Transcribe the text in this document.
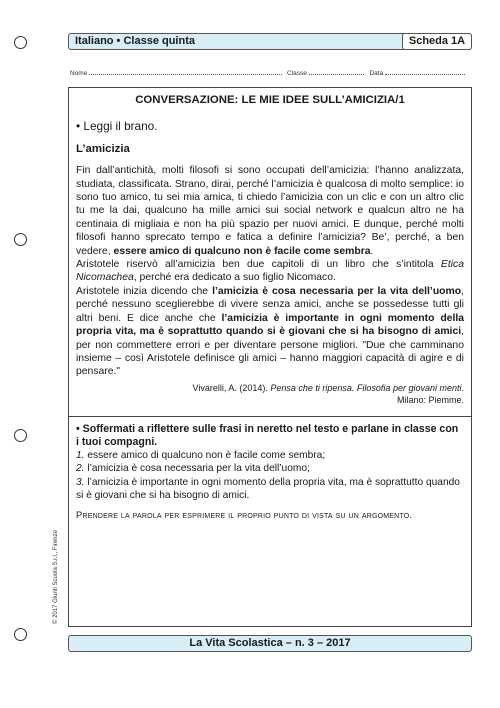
Italiano • Classe quinta	Scheda 1A
Nome	Classe	Data
CONVERSAZIONE: LE MIE IDEE SULL’AMICIZIA/1
• Leggi il brano.
L’amicizia
Fin dall’antichità, molti filosofi si sono occupati dell’amicizia: l’hanno analizzata, studiata, classificata. Strano, dirai, perché l’amicizia è qualcosa di molto semplice: io sono tuo amico, tu sei mia amica, ti chiedo l’amicizia con un clic e con un altro clic tu me la dai, qualcuno ha mille amici sui social network e qualcun altro ne ha centinaia di migliaia e non ha più spazio per nuovi amici. E dunque, perché molti filosofi hanno sprecato tempo e fatica a definire l’amicizia? Be’, perché, a ben vedere, essere amico di qualcuno non è facile come sembra.
Aristotele riservò all’amicizia ben due capitoli di un libro che s’intitola Etica Nicomachea, perché era dedicato a suo figlio Nicomaco.
Aristotele inizia dicendo che l’amicizia è cosa necessaria per la vita dell’uomo, perché nessuno sceglierebbe di vivere senza amici, anche se possedesse tutti gli altri beni. E dice anche che l’amicizia è importante in ogni momento della propria vita, ma è soprattutto quando si è giovani che si ha bisogno di amici, per non commettere errori e per diventare persone migliori. "Due che camminano insieme – così Aristotele definisce gli amici – hanno maggiori capacità di agire e di pensare."
Vivarelli, A. (2014). Pensa che ti ripensa. Filosofia per giovani menti.
Milano: Piemme.
• Soffermati a riflettere sulle frasi in neretto nel testo e parlane in classe con i tuoi compagni.
1. essere amico di qualcuno non è facile come sembra;
2. l’amicizia è cosa necessaria per la vita dell’uomo;
3. l’amicizia è importante in ogni momento della propria vita, ma è soprattutto quando si è giovani che si ha bisogno di amici.
Prendere la parola per esprimere il proprio punto di vista su un argomento.
La Vita Scolastica – n. 3 – 2017
© 2017 Giunti Scuola S.r.l., Firenze
